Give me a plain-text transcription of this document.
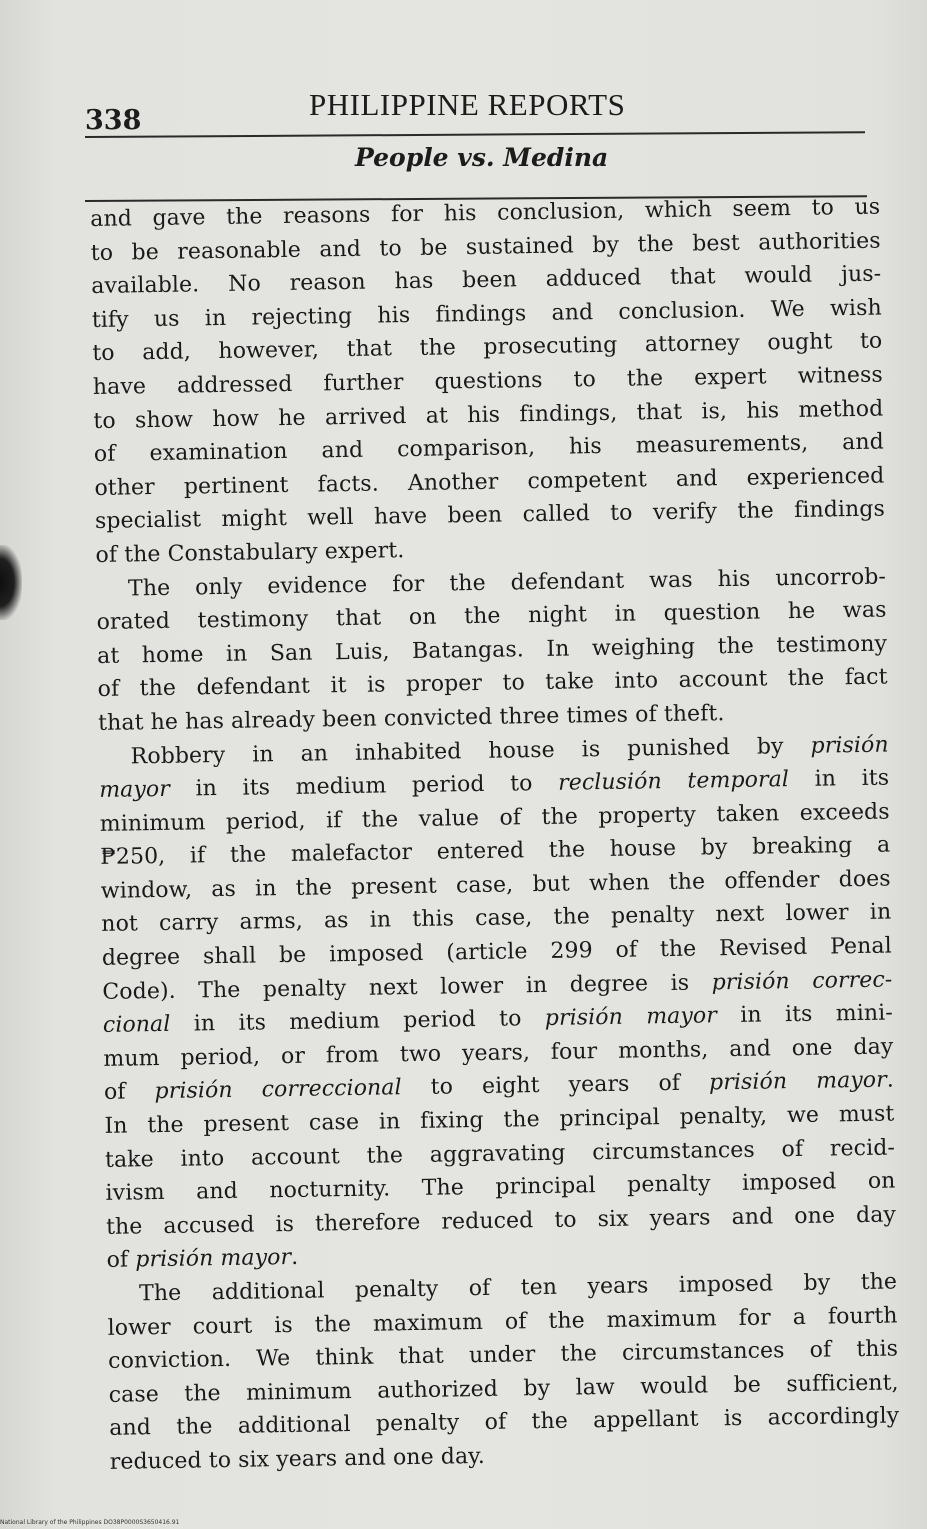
338	PHILIPPINE REPORTS
People vs. Medina
and gave the reasons for his conclusion, which seem to us
to be reasonable and to be sustained by the best authorities
available. No reason has been adduced that would jus-
tify us in rejecting his findings and conclusion. We wish
to add, however, that the prosecuting attorney ought to
have addressed further questions to the expert witness
to show how he arrived at his findings, that is, his method
of examination and comparison, his measurements, and
other pertinent facts. Another competent and experienced
specialist might well have been called to verify the findings
of the Constabulary expert.
The only evidence for the defendant was his uncorrob-
orated testimony that on the night in question he was
at home in San Luis, Batangas. In weighing the testimony
of the defendant it is proper to take into account the fact
that he has already been convicted three times of theft.
Robbery in an inhabited house is punished by prisión
mayor in its medium period to reclusión temporal in its
minimum period, if the value of the property taken exceeds
₱250, if the malefactor entered the house by breaking a
window, as in the present case, but when the offender does
not carry arms, as in this case, the penalty next lower in
degree shall be imposed (article 299 of the Revised Penal
Code). The penalty next lower in degree is prisión correc-
cional in its medium period to prisión mayor in its mini-
mum period, or from two years, four months, and one day
of prisión correccional to eight years of prisión mayor.
In the present case in fixing the principal penalty, we must
take into account the aggravating circumstances of recid-
ivism and nocturnity. The principal penalty imposed on
the accused is therefore reduced to six years and one day
of prisión mayor.
The additional penalty of ten years imposed by the
lower court is the maximum of the maximum for a fourth
conviction. We think that under the circumstances of this
case the minimum authorized by law would be sufficient,
and the additional penalty of the appellant is accordingly
reduced to six years and one day.
National Library of the Philippines DO38P0000S3650416.91
